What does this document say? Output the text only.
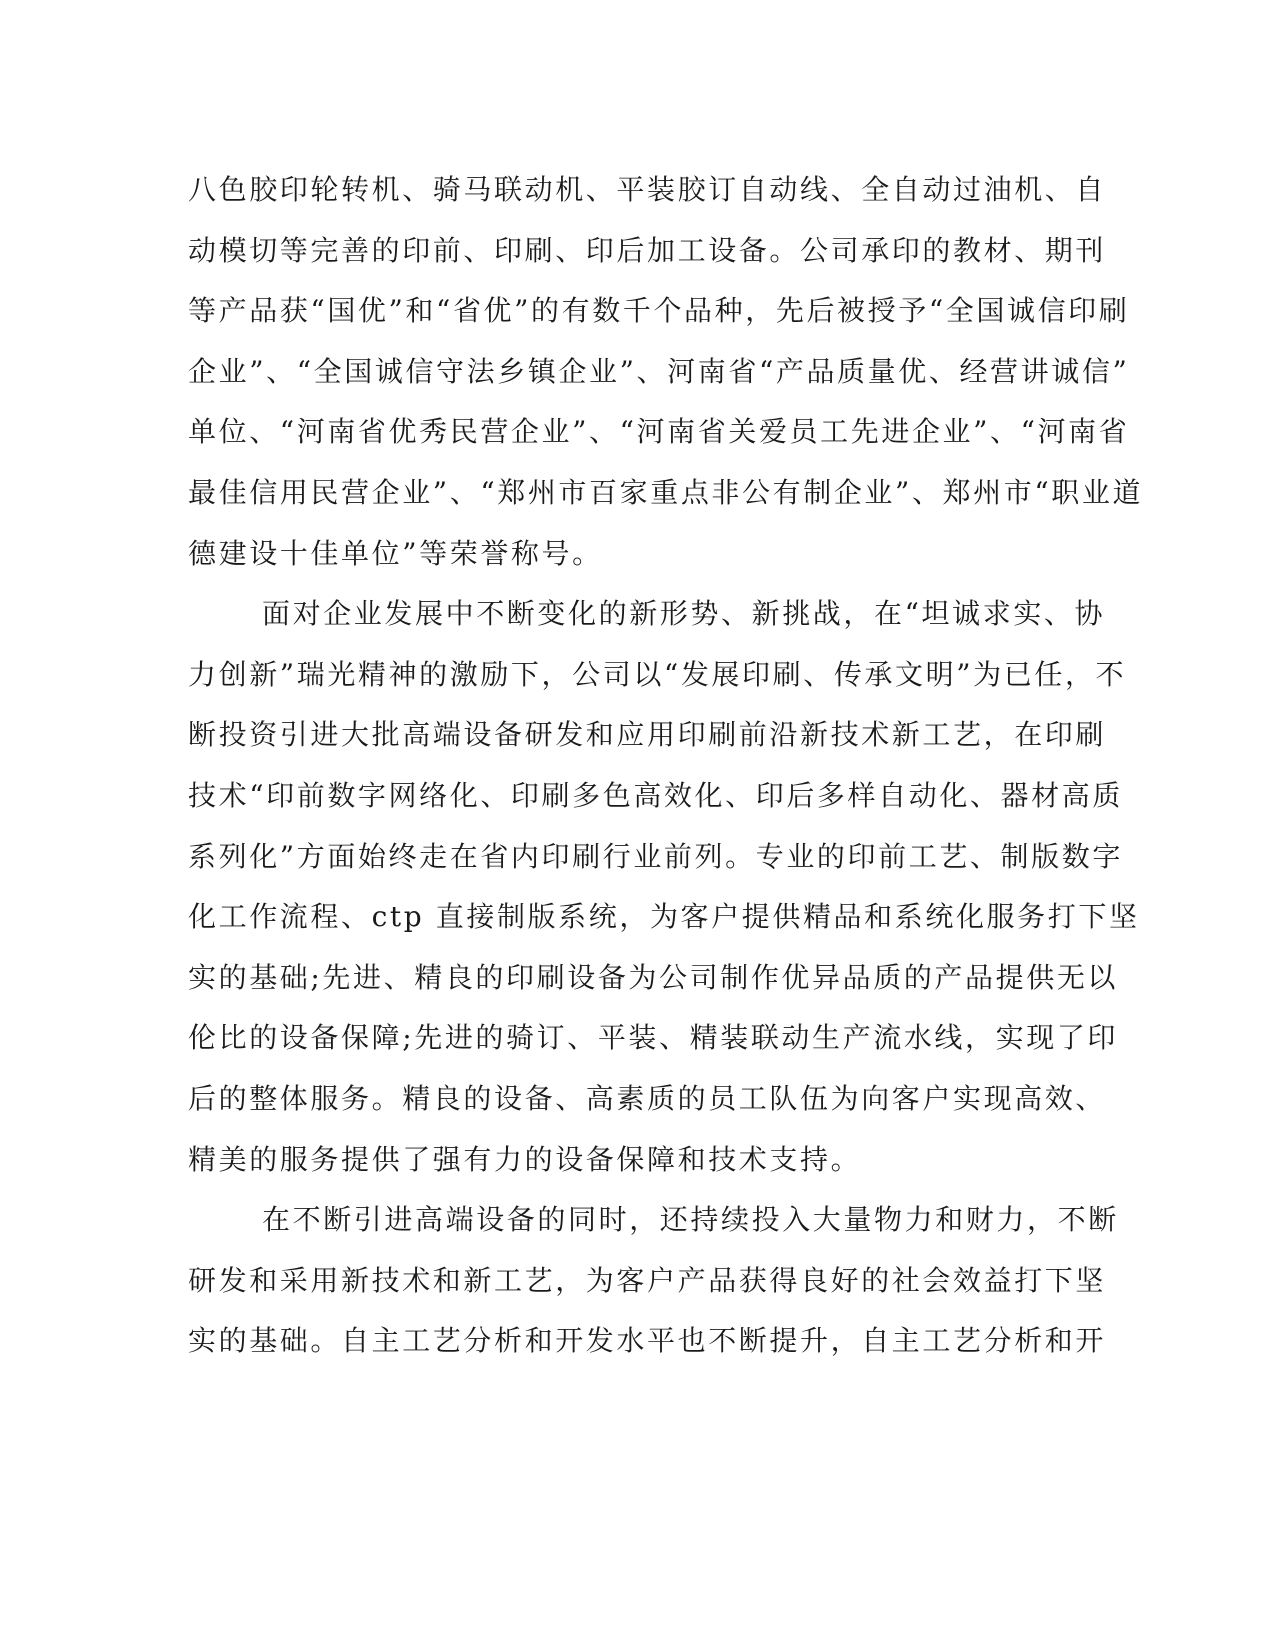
八色胶印轮转机、骑马联动机、平装胶订自动线、全自动过油机、自
动模切等完善的印前、印刷、印后加工设备。公司承印的教材、期刊
等产品获“国优”和“省优”的有数千个品种，先后被授予“全国诚信印刷
企业”、“全国诚信守法乡镇企业”、河南省“产品质量优、经营讲诚信”
单位、“河南省优秀民营企业”、“河南省关爱员工先进企业”、“河南省
最佳信用民营企业”、“郑州市百家重点非公有制企业”、郑州市“职业道
德建设十佳单位”等荣誉称号。
面对企业发展中不断变化的新形势、新挑战，在“坦诚求实、协
力创新”瑞光精神的激励下，公司以“发展印刷、传承文明”为已任，不
断投资引进大批高端设备研发和应用印刷前沿新技术新工艺，在印刷
技术“印前数字网络化、印刷多色高效化、印后多样自动化、器材高质
系列化”方面始终走在省内印刷行业前列。专业的印前工艺、制版数字
化工作流程、ctp 直接制版系统，为客户提供精品和系统化服务打下坚
实的基础;先进、精良的印刷设备为公司制作优异品质的产品提供无以
伦比的设备保障;先进的骑订、平装、精装联动生产流水线，实现了印
后的整体服务。精良的设备、高素质的员工队伍为向客户实现高效、
精美的服务提供了强有力的设备保障和技术支持。
在不断引进高端设备的同时，还持续投入大量物力和财力，不断
研发和采用新技术和新工艺，为客户产品获得良好的社会效益打下坚
实的基础。自主工艺分析和开发水平也不断提升，自主工艺分析和开
